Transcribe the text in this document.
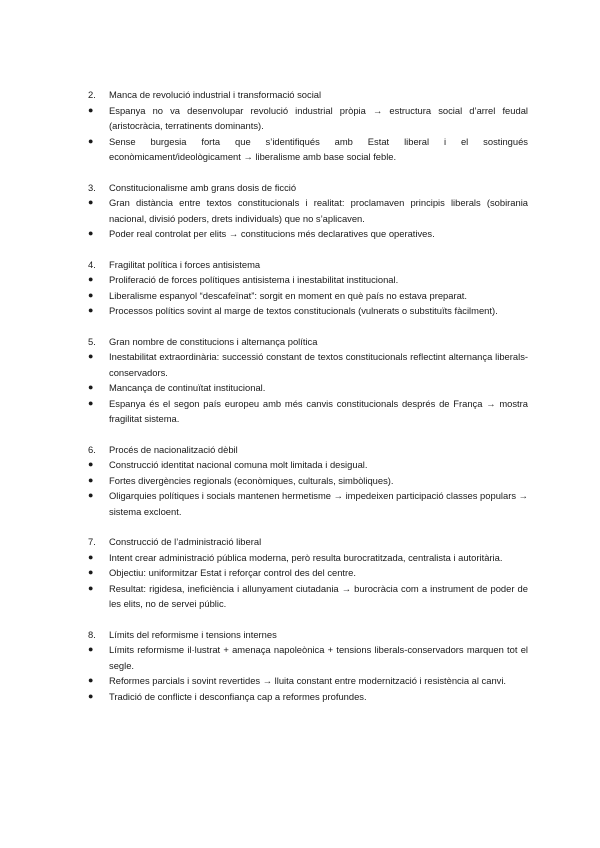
2.	Manca de revolució industrial i transformació social
●	Espanya no va desenvolupar revolució industrial pròpia → estructura social d’arrel feudal (aristocràcia, terratinents dominants).
●	Sense burgesia forta que s’identifiqués amb Estat liberal i el sostingués econòmicament/ideològicament → liberalisme amb base social feble.
3.	Constitucionalisme amb grans dosis de ficció
●	Gran distància entre textos constitucionals i realitat: proclamaven principis liberals (sobirania nacional, divisió poders, drets individuals) que no s’aplicaven.
●	Poder real controlat per elits → constitucions més declaratives que operatives.
4.	Fragilitat política i forces antisistema
●	Proliferació de forces polítiques antisistema i inestabilitat institucional.
●	Liberalisme espanyol “descafeïnat”: sorgit en moment en què país no estava preparat.
●	Processos polítics sovint al marge de textos constitucionals (vulnerats o substituïts fàcilment).
5.	Gran nombre de constitucions i alternança política
●	Inestabilitat extraordinària: successió constant de textos constitucionals reflectint alternança liberals-conservadors.
●	Mancança de continuïtat institucional.
●	Espanya és el segon país europeu amb més canvis constitucionals després de França → mostra fragilitat sistema.
6.	Procés de nacionalització dèbil
●	Construcció identitat nacional comuna molt limitada i desigual.
●	Fortes divergències regionals (econòmiques, culturals, simbòliques).
●	Oligarquies polítiques i socials mantenen hermetisme → impedeixen participació classes populars → sistema excloent.
7.	Construcció de l’administració liberal
●	Intent crear administració pública moderna, però resulta burocratitzada, centralista i autoritària.
●	Objectiu: uniformitzar Estat i reforçar control des del centre.
●	Resultat: rigidesa, ineficiència i allunyament ciutadania → burocràcia com a instrument de poder de les elits, no de servei públic.
8.	Límits del reformisme i tensions internes
●	Límits reformisme il·lustrat + amenaça napoleònica + tensions liberals-conservadors marquen tot el segle.
●	Reformes parcials i sovint revertides → lluita constant entre modernització i resistència al canvi.
●	Tradició de conflicte i desconfiança cap a reformes profundes.
